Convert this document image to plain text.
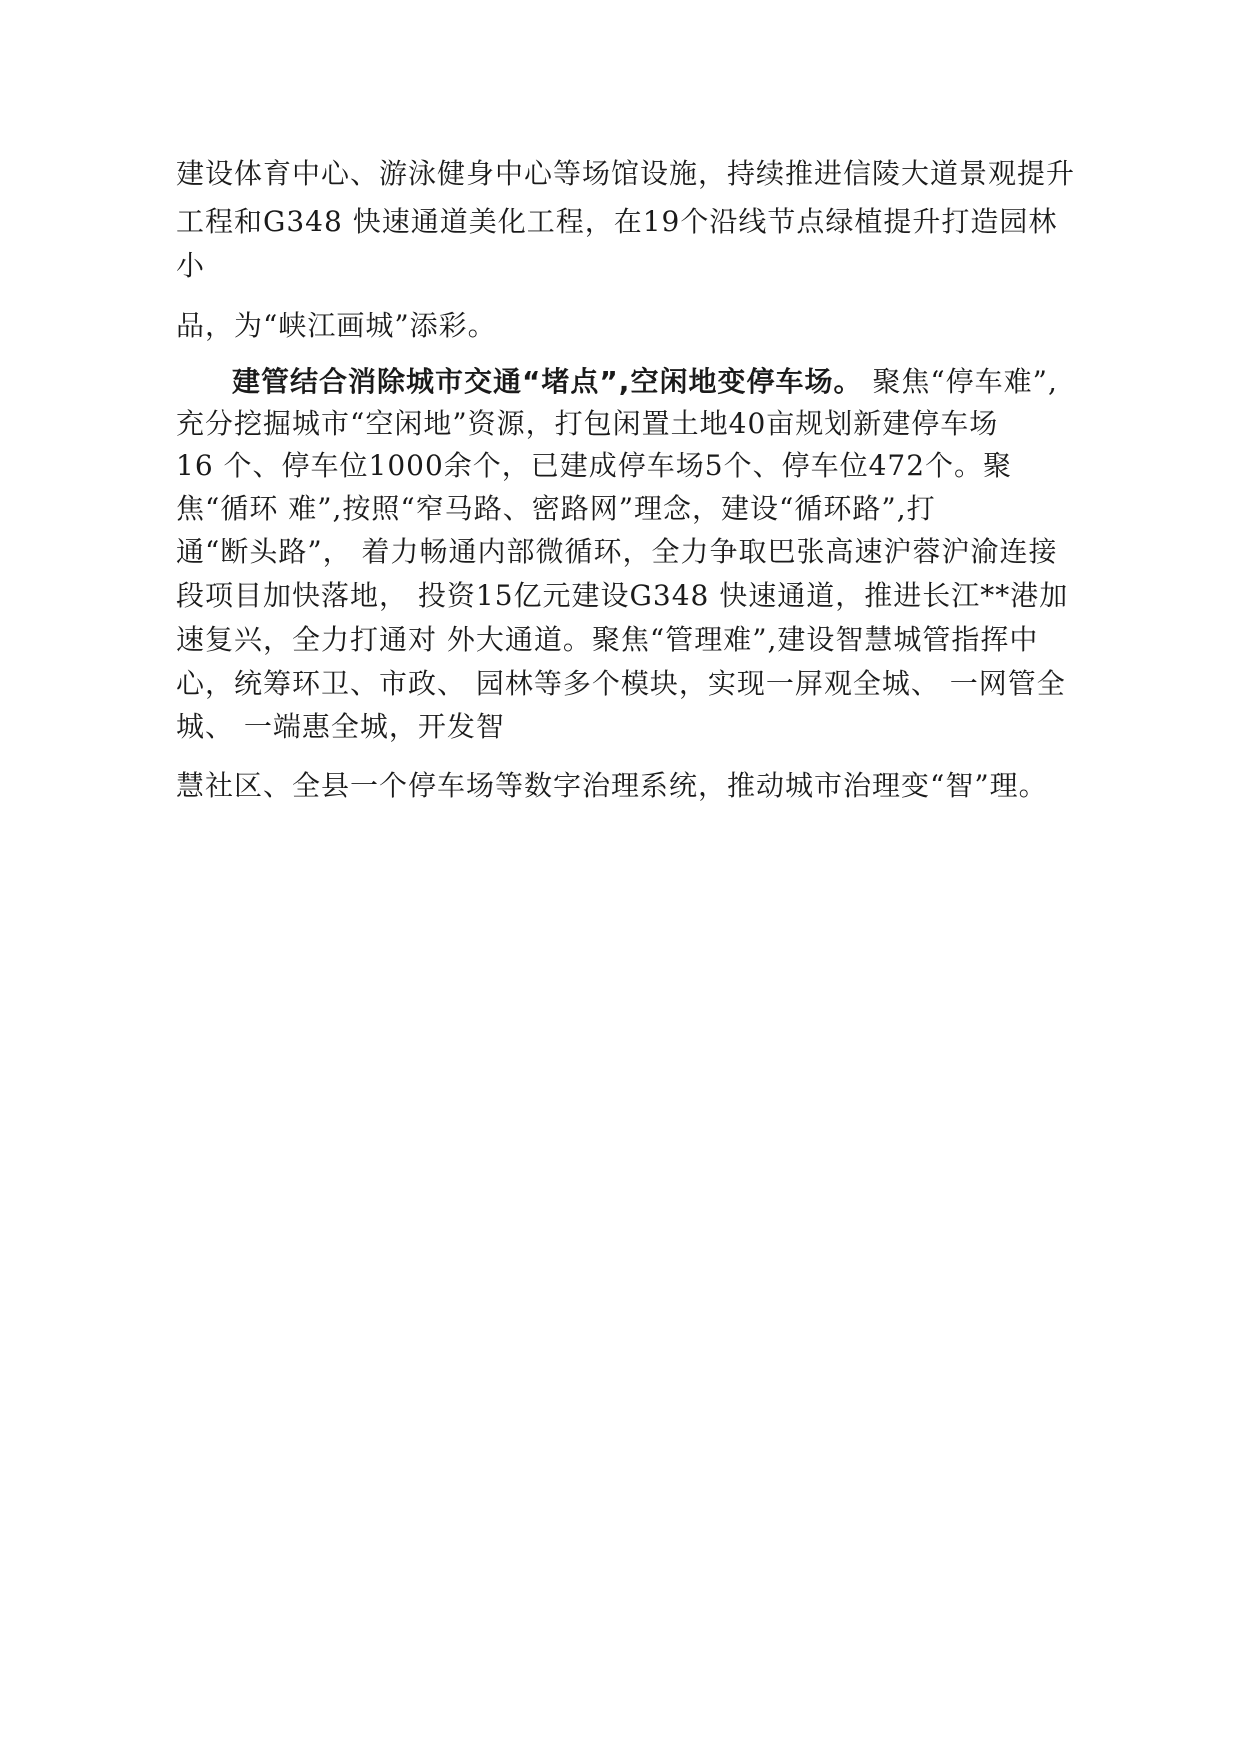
建设体育中心、游泳健身中心等场馆设施，持续推进信陵大道景观提升
工程和G348 快速通道美化工程，在19个沿线节点绿植提升打造园林
小
品，为“峡江画城”添彩。
建管结合消除城市交通“堵点”,空闲地变停车场。 聚焦“停车难”,
充分挖掘城市“空闲地”资源，打包闲置土地40亩规划新建停车场
16 个、停车位1000余个，已建成停车场5个、停车位472个。聚
焦“循环 难”,按照“窄马路、密路网”理念，建设“循环路”,打
通“断头路”， 着力畅通内部微循环，全力争取巴张高速沪蓉沪渝连接
段项目加快落地， 投资15亿元建设G348 快速通道，推进长江**港加
速复兴，全力打通对 外大通道。聚焦“管理难”,建设智慧城管指挥中
心，统筹环卫、市政、 园林等多个模块，实现一屏观全城、 一网管全
城、 一端惠全城，开发智
慧社区、全县一个停车场等数字治理系统，推动城市治理变“智”理。
